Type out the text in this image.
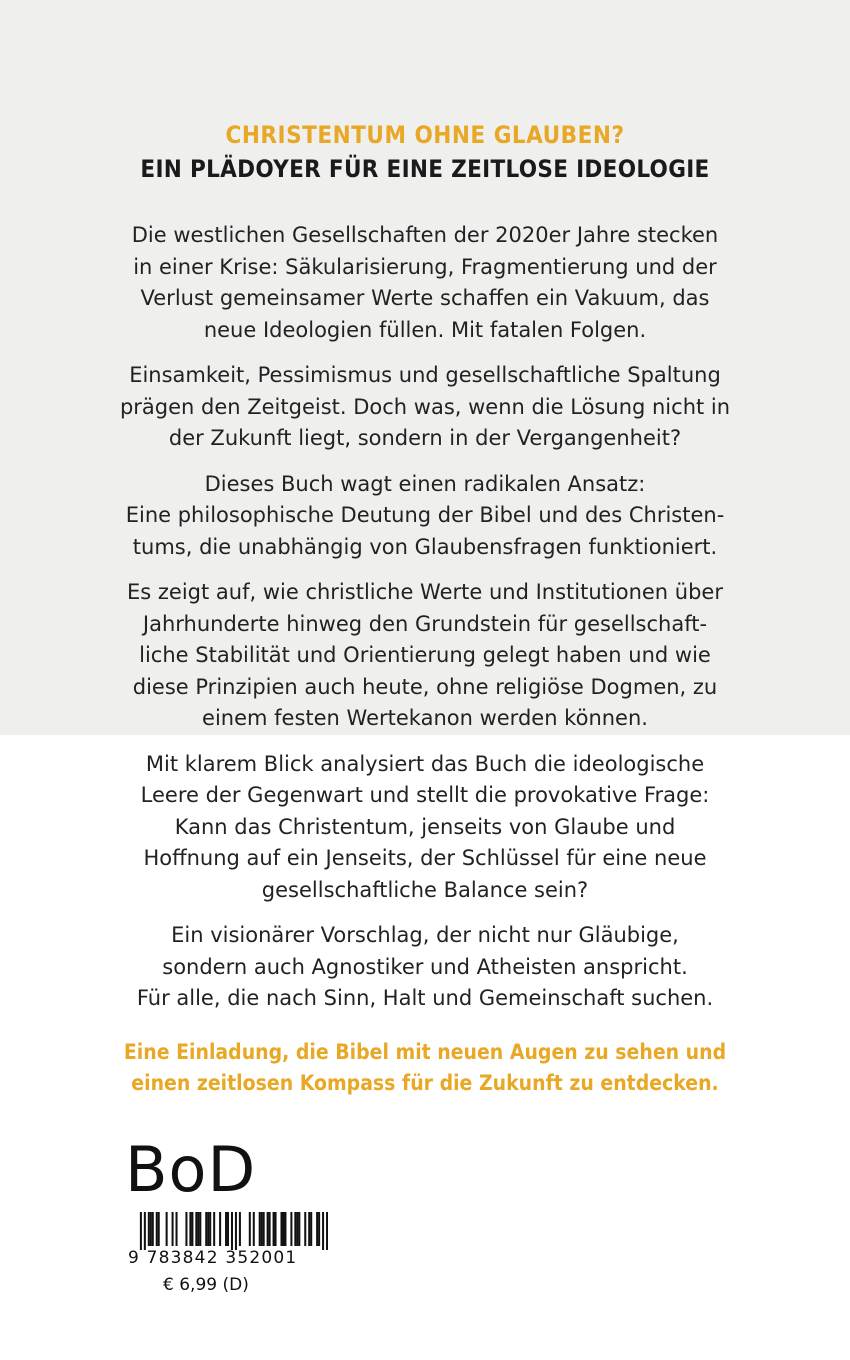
CHRISTENTUM OHNE GLAUBEN?
EIN PLÄDOYER FÜR EINE ZEITLOSE IDEOLOGIE
Die westlichen Gesellschaften der 2020er Jahre stecken
in einer Krise: Säkularisierung, Fragmentierung und der
Verlust gemeinsamer Werte schaffen ein Vakuum, das
neue Ideologien füllen. Mit fatalen Folgen.
Einsamkeit, Pessimismus und gesellschaftliche Spaltung
prägen den Zeitgeist. Doch was, wenn die Lösung nicht in
der Zukunft liegt, sondern in der Vergangenheit?
Dieses Buch wagt einen radikalen Ansatz:
Eine philosophische Deutung der Bibel und des Christen-
tums, die unabhängig von Glaubensfragen funktioniert.
Es zeigt auf, wie christliche Werte und Institutionen über
Jahrhunderte hinweg den Grundstein für gesellschaft-
liche Stabilität und Orientierung gelegt haben und wie
diese Prinzipien auch heute, ohne religiöse Dogmen, zu
einem festen Wertekanon werden können.
Mit klarem Blick analysiert das Buch die ideologische
Leere der Gegenwart und stellt die provokative Frage:
Kann das Christentum, jenseits von Glaube und
Hoffnung auf ein Jenseits, der Schlüssel für eine neue
gesellschaftliche Balance sein?
Ein visionärer Vorschlag, der nicht nur Gläubige,
sondern auch Agnostiker und Atheisten anspricht.
Für alle, die nach Sinn, Halt und Gemeinschaft suchen.
Eine Einladung, die Bibel mit neuen Augen zu sehen und
einen zeitlosen Kompass für die Zukunft zu entdecken.
BoD
9 783842 352001
€ 6,99 (D)
